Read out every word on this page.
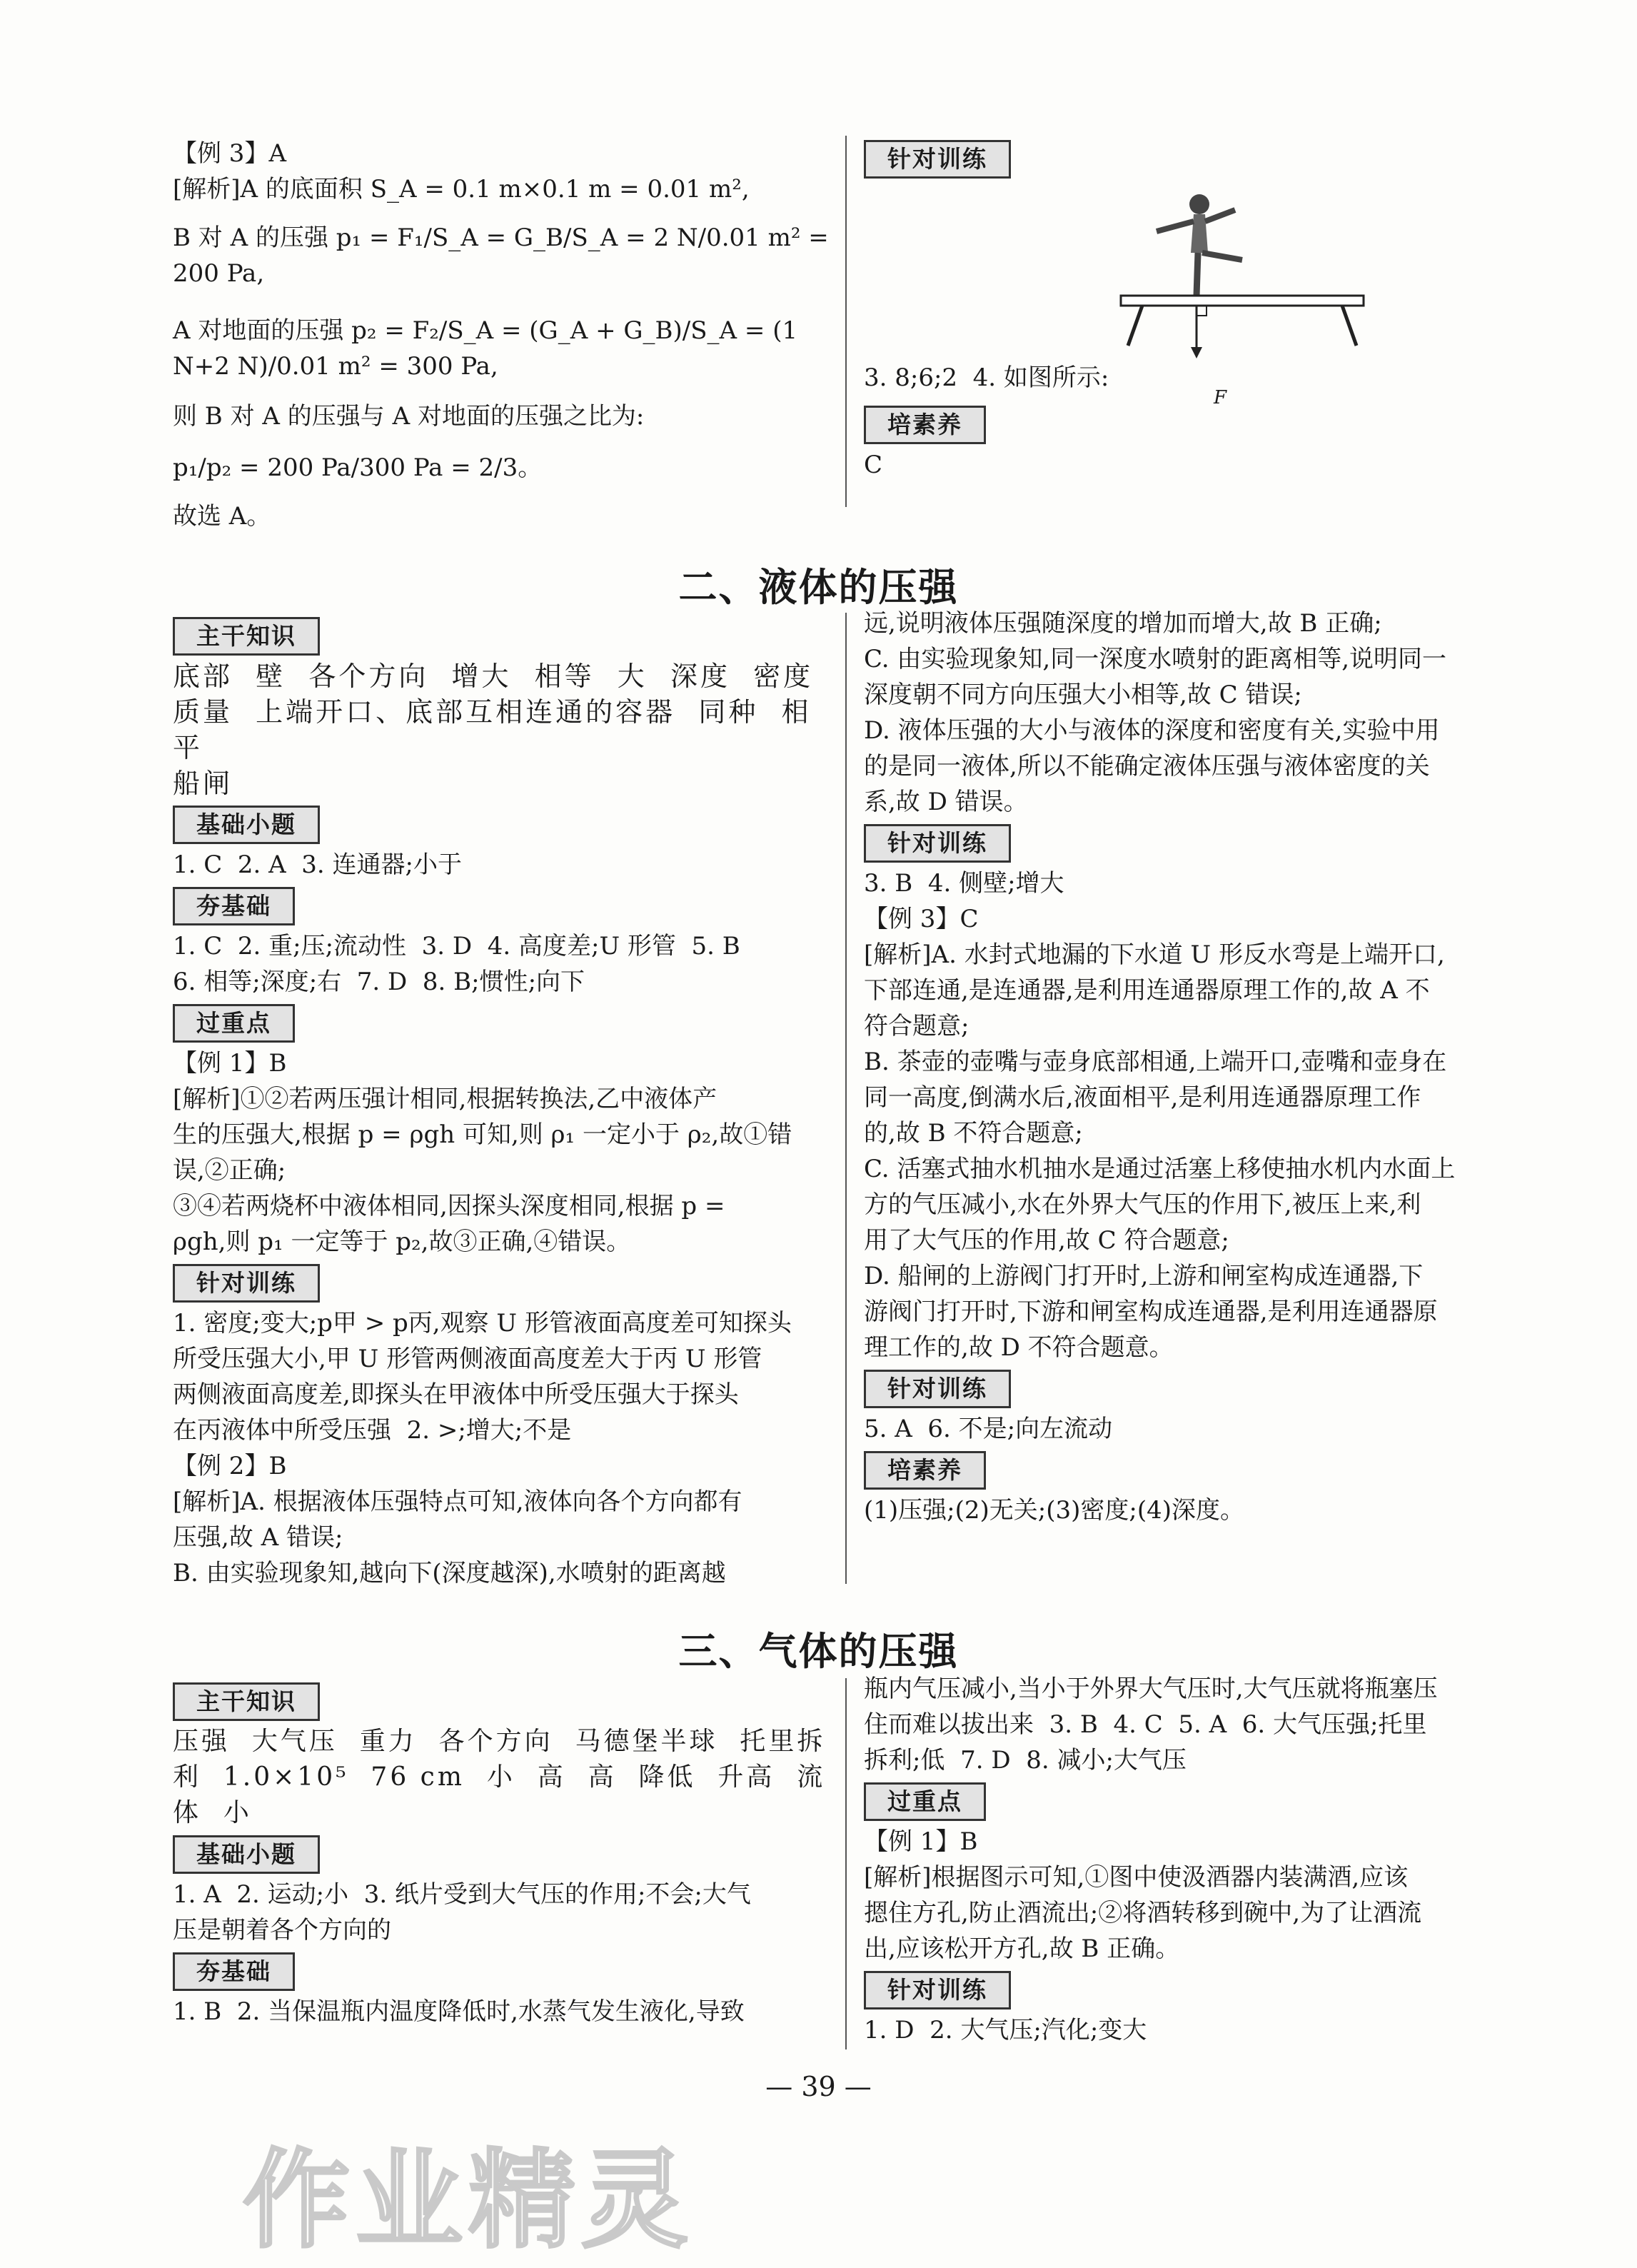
【例 3】A

[解析]A 的底面积 S_A = 0.1 m×0.1 m = 0.01 m²,

B 对 A 的压强 p₁ = F₁/S_A = G_B/S_A = 2 N/0.01 m² = 200 Pa,

A 对地面的压强 p₂ = F₂/S_A = (G_A + G_B)/S_A = (1 N+2 N)/0.01 m² = 300 Pa,

则 B 对 A 的压强与 A 对地面的压强之比为:

p₁/p₂ = 200 Pa/300 Pa = 2/3。

故选 A。

针对训练

3. 8;6;2  4. 如图所示:

F
培素养

C

二、液体的压强
主干知识

底部  壁  各个方向  增大  相等  大  深度  密度

质量  上端开口、底部互相连通的容器  同种  相平

船闸

基础小题

1. C  2. A  3. 连通器;小于

夯基础

1. C  2. 重;压;流动性  3. D  4. 高度差;U 形管  5. B

6. 相等;深度;右  7. D  8. B;惯性;向下

过重点

【例 1】B

[解析]①②若两压强计相同,根据转换法,乙中液体产

生的压强大,根据 p = ρgh 可知,则 ρ₁ 一定小于 ρ₂,故①错

误,②正确;

③④若两烧杯中液体相同,因探头深度相同,根据 p =

ρgh,则 p₁ 一定等于 p₂,故③正确,④错误。

针对训练

1. 密度;变大;p甲 > p丙,观察 U 形管液面高度差可知探头

所受压强大小,甲 U 形管两侧液面高度差大于丙 U 形管

两侧液面高度差,即探头在甲液体中所受压强大于探头

在丙液体中所受压强  2. >;增大;不是

【例 2】B

[解析]A. 根据液体压强特点可知,液体向各个方向都有

压强,故 A 错误;

B. 由实验现象知,越向下(深度越深),水喷射的距离越

远,说明液体压强随深度的增加而增大,故 B 正确;

C. 由实验现象知,同一深度水喷射的距离相等,说明同一

深度朝不同方向压强大小相等,故 C 错误;

D. 液体压强的大小与液体的深度和密度有关,实验中用

的是同一液体,所以不能确定液体压强与液体密度的关

系,故 D 错误。

针对训练

3. B  4. 侧壁;增大

【例 3】C

[解析]A. 水封式地漏的下水道 U 形反水弯是上端开口,

下部连通,是连通器,是利用连通器原理工作的,故 A 不

符合题意;

B. 茶壶的壶嘴与壶身底部相通,上端开口,壶嘴和壶身在

同一高度,倒满水后,液面相平,是利用连通器原理工作

的,故 B 不符合题意;

C. 活塞式抽水机抽水是通过活塞上移使抽水机内水面上

方的气压减小,水在外界大气压的作用下,被压上来,利

用了大气压的作用,故 C 符合题意;

D. 船闸的上游阀门打开时,上游和闸室构成连通器,下

游阀门打开时,下游和闸室构成连通器,是利用连通器原

理工作的,故 D 不符合题意。

针对训练

5. A  6. 不是;向左流动

培素养

(1)压强;(2)无关;(3)密度;(4)深度。

三、气体的压强
主干知识

压强  大气压  重力  各个方向  马德堡半球  托里拆

利  1.0×10⁵  76 cm  小  高  高  降低  升高  流

体  小

基础小题

1. A  2. 运动;小  3. 纸片受到大气压的作用;不会;大气

压是朝着各个方向的

夯基础

1. B  2. 当保温瓶内温度降低时,水蒸气发生液化,导致

瓶内气压减小,当小于外界大气压时,大气压就将瓶塞压

住而难以拔出来  3. B  4. C  5. A  6. 大气压强;托里

拆利;低  7. D  8. 减小;大气压

过重点

【例 1】B

[解析]根据图示可知,①图中使汲酒器内装满酒,应该

摁住方孔,防止酒流出;②将酒转移到碗中,为了让酒流

出,应该松开方孔,故 B 正确。

针对训练

1. D  2. 大气压;汽化;变大

— 39 —
作业精灵
